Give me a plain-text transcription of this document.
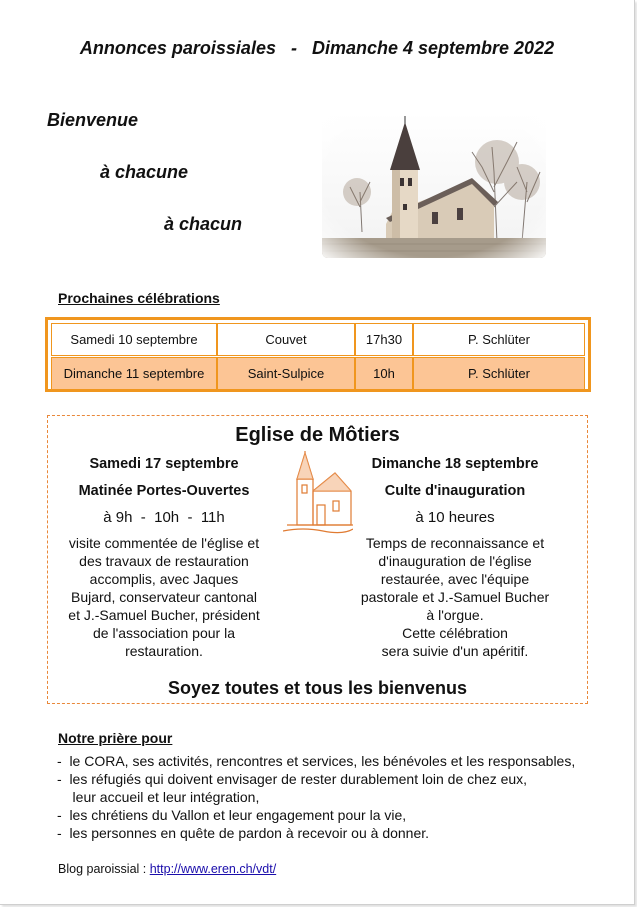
Annonces paroissiales   -   Dimanche 4 septembre 2022
Bienvenue
à chacune
à chacun
Prochaines célébrations
Samedi 10 septembre	Couvet	17h30	P. Schlüter
Dimanche 11 septembre	Saint-Sulpice	10h	P. Schlüter
Eglise de Môtiers
Samedi 17 septembre
Matinée Portes-Ouvertes
à 9h  -  10h  -  11h
visite commentée de l'église et
des travaux de restauration
accomplis, avec Jaques
Bujard, conservateur cantonal
et J.-Samuel Bucher, président
de l'association pour la
restauration.
Dimanche 18 septembre
Culte d'inauguration
à 10 heures
Temps de reconnaissance et
d'inauguration de l'église
restaurée, avec l'équipe
pastorale et J.-Samuel Bucher
à l'orgue.
Cette célébration
sera suivie d'un apéritif.
Soyez toutes et tous les bienvenus
Notre prière pour
-  le CORA, ses activités, rencontres et services, les bénévoles et les responsables,
-  les réfugiés qui doivent envisager de rester durablement loin de chez eux,
leur accueil et leur intégration,
-  les chrétiens du Vallon et leur engagement pour la vie,
-  les personnes en quête de pardon à recevoir ou à donner.
Blog paroissial : http://www.eren.ch/vdt/
